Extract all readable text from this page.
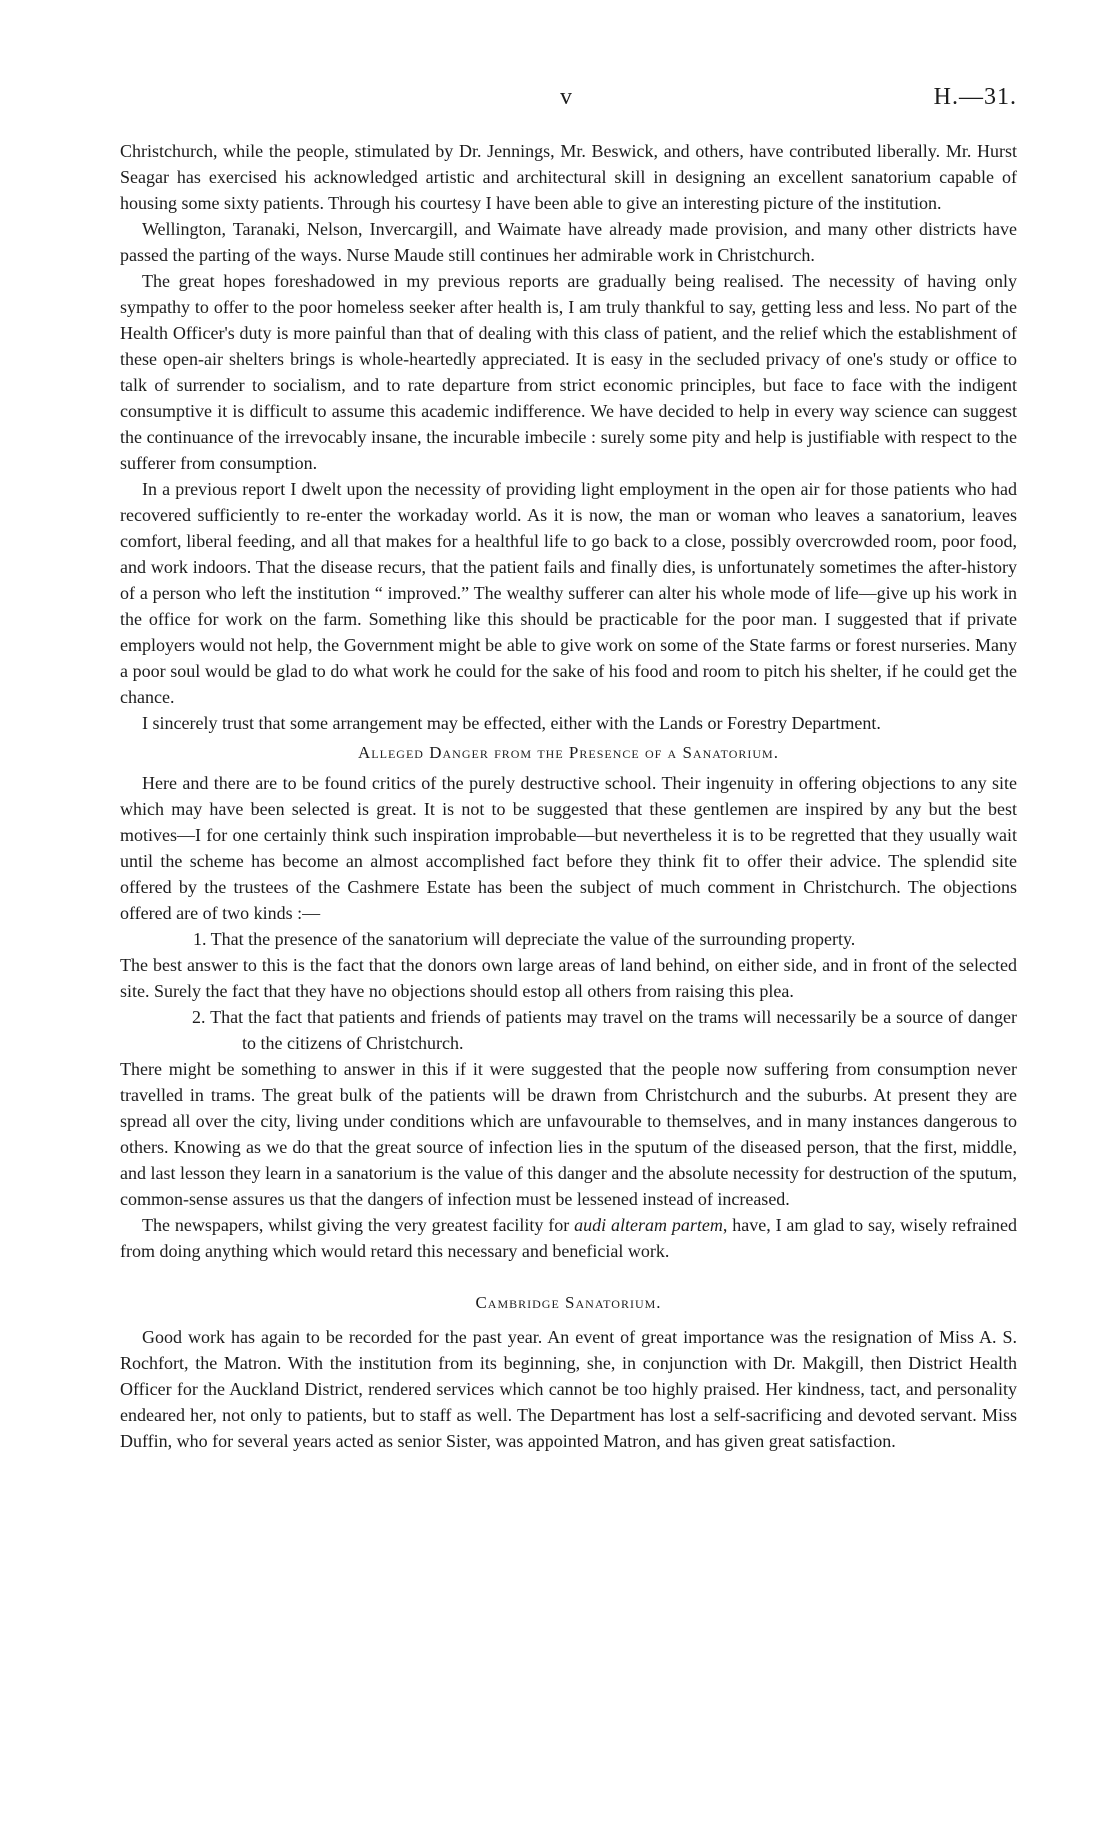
v	H.—31.

Christchurch, while the people, stimulated by Dr. Jennings, Mr. Beswick, and others, have contributed liberally. Mr. Hurst Seagar has exercised his acknowledged artistic and architectural skill in designing an excellent sanatorium capable of housing some sixty patients. Through his courtesy I have been able to give an interesting picture of the institution.

Wellington, Taranaki, Nelson, Invercargill, and Waimate have already made provision, and many other districts have passed the parting of the ways. Nurse Maude still continues her admirable work in Christchurch.

The great hopes foreshadowed in my previous reports are gradually being realised. The necessity of having only sympathy to offer to the poor homeless seeker after health is, I am truly thankful to say, getting less and less. No part of the Health Officer's duty is more painful than that of dealing with this class of patient, and the relief which the establishment of these open-air shelters brings is whole-heartedly appreciated. It is easy in the secluded privacy of one's study or office to talk of surrender to socialism, and to rate departure from strict economic principles, but face to face with the indigent consumptive it is difficult to assume this academic indifference. We have decided to help in every way science can suggest the continuance of the irrevocably insane, the incurable imbecile : surely some pity and help is justifiable with respect to the sufferer from consumption.

In a previous report I dwelt upon the necessity of providing light employment in the open air for those patients who had recovered sufficiently to re-enter the workaday world. As it is now, the man or woman who leaves a sanatorium, leaves comfort, liberal feeding, and all that makes for a healthful life to go back to a close, possibly overcrowded room, poor food, and work indoors. That the disease recurs, that the patient fails and finally dies, is unfortunately sometimes the after-history of a person who left the institution “ improved.” The wealthy sufferer can alter his whole mode of life—give up his work in the office for work on the farm. Something like this should be practicable for the poor man. I suggested that if private employers would not help, the Government might be able to give work on some of the State farms or forest nurseries. Many a poor soul would be glad to do what work he could for the sake of his food and room to pitch his shelter, if he could get the chance.

I sincerely trust that some arrangement may be effected, either with the Lands or Forestry Department.

Alleged Danger from the Presence of a Sanatorium.

Here and there are to be found critics of the purely destructive school. Their ingenuity in offering objections to any site which may have been selected is great. It is not to be suggested that these gentlemen are inspired by any but the best motives—I for one certainly think such inspiration improbable—but nevertheless it is to be regretted that they usually wait until the scheme has become an almost accomplished fact before they think fit to offer their advice. The splendid site offered by the trustees of the Cashmere Estate has been the subject of much comment in Christchurch. The objections offered are of two kinds :—

1. That the presence of the sanatorium will depreciate the value of the surrounding property.

The best answer to this is the fact that the donors own large areas of land behind, on either side, and in front of the selected site. Surely the fact that they have no objections should estop all others from raising this plea.

2. That the fact that patients and friends of patients may travel on the trams will necessarily be a source of danger to the citizens of Christchurch.

There might be something to answer in this if it were suggested that the people now suffering from consumption never travelled in trams. The great bulk of the patients will be drawn from Christchurch and the suburbs. At present they are spread all over the city, living under conditions which are unfavourable to themselves, and in many instances dangerous to others. Knowing as we do that the great source of infection lies in the sputum of the diseased person, that the first, middle, and last lesson they learn in a sanatorium is the value of this danger and the absolute necessity for destruction of the sputum, common-sense assures us that the dangers of infection must be lessened instead of increased.

The newspapers, whilst giving the very greatest facility for audi alteram partem, have, I am glad to say, wisely refrained from doing anything which would retard this necessary and beneficial work.

Cambridge Sanatorium.

Good work has again to be recorded for the past year. An event of great importance was the resignation of Miss A. S. Rochfort, the Matron. With the institution from its beginning, she, in conjunction with Dr. Makgill, then District Health Officer for the Auckland District, rendered services which cannot be too highly praised. Her kindness, tact, and personality endeared her, not only to patients, but to staff as well. The Department has lost a self-sacrificing and devoted servant. Miss Duffin, who for several years acted as senior Sister, was appointed Matron, and has given great satisfaction.
